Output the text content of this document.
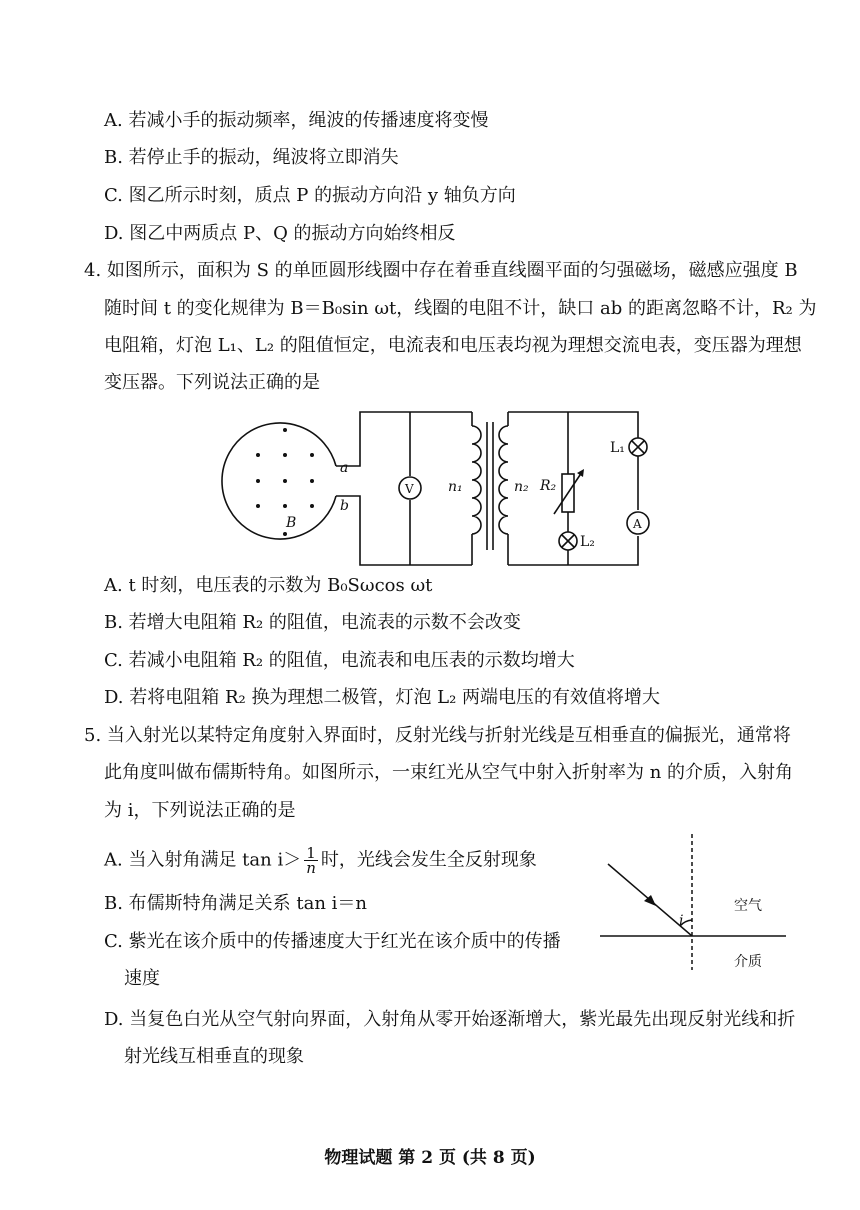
A. 若减小手的振动频率，绳波的传播速度将变慢
B. 若停止手的振动，绳波将立即消失
C. 图乙所示时刻，质点 P 的振动方向沿 y 轴负方向
D. 图乙中两质点 P、Q 的振动方向始终相反
4. 如图所示，面积为 S 的单匝圆形线圈中存在着垂直线圈平面的匀强磁场，磁感应强度 B
随时间 t 的变化规律为 B＝B₀sin ωt，线圈的电阻不计，缺口 ab 的距离忽略不计，R₂ 为
电阻箱，灯泡 L₁、L₂ 的阻值恒定，电流表和电压表均视为理想交流电表，变压器为理想
变压器。下列说法正确的是
a
b
B
n₁	n₂ R₂
V
A
L₁
L₂
A. t 时刻，电压表的示数为 B₀Sωcos ωt
B. 若增大电阻箱 R₂ 的阻值，电流表的示数不会改变
C. 若减小电阻箱 R₂ 的阻值，电流表和电压表的示数均增大
D. 若将电阻箱 R₂ 换为理想二极管，灯泡 L₂ 两端电压的有效值将增大
5. 当入射光以某特定角度射入界面时，反射光线与折射光线是互相垂直的偏振光，通常将
此角度叫做布儒斯特角。如图所示，一束红光从空气中射入折射率为 n 的介质，入射角
为 i，下列说法正确的是
A. 当入射角满足 $\tan i> \frac{1}{n}$ 时，光线会发生全反射现象
B. 布儒斯特角满足关系 tan i＝n
C. 紫光在该介质中的传播速度大于红光在该介质中的传播
速度
D. 当复色白光从空气射向界面，入射角从零开始逐渐增大，紫光最先出现反射光线和折
射光线互相垂直的现象
i
空气
介质
物理试题 第 2 页 (共 8 页)
